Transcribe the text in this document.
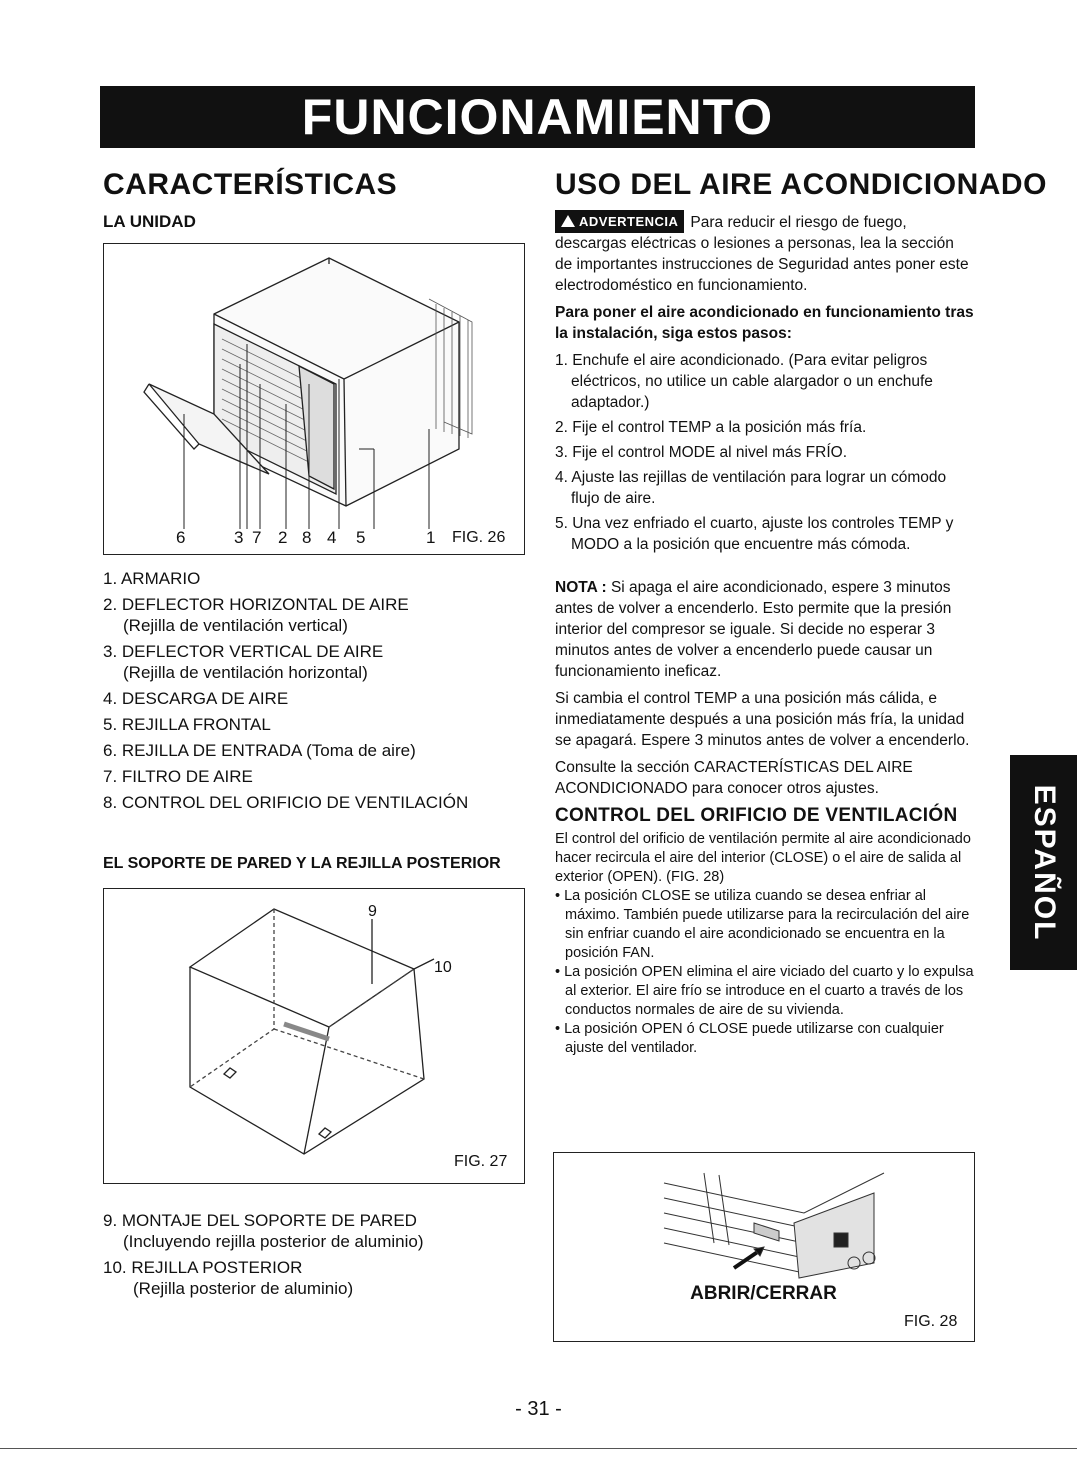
FUNCIONAMIENTO
CARACTERÍSTICAS
LA UNIDAD
6	3 7 2 8 4 5	1 FIG. 26
1. ARMARIO
2. DEFLECTOR HORIZONTAL DE AIRE
(Rejilla de ventilación vertical)
3. DEFLECTOR VERTICAL DE AIRE
(Rejilla de ventilación horizontal)
4. DESCARGA DE AIRE
5. REJILLA FRONTAL
6. REJILLA DE ENTRADA (Toma de aire)
7. FILTRO DE AIRE
8. CONTROL DEL ORIFICIO DE VENTILACIÓN
EL SOPORTE DE PARED Y LA REJILLA POSTERIOR
9
10
FIG. 27
9. MONTAJE DEL SOPORTE DE PARED
(Incluyendo rejilla posterior de aluminio)
10. REJILLA POSTERIOR
(Rejilla posterior de aluminio)
USO DEL AIRE ACONDICIONADO

ADVERTENCIA Para reducir el riesgo de fuego, descargas eléctricas o lesiones a personas, lea la sección de importantes instrucciones de Seguridad antes poner este electrodoméstico en funcionamiento.

Para poner el aire acondicionado en funcionamiento tras la instalación, siga estos pasos:

1. Enchufe el aire acondicionado. (Para evitar peligros eléctricos, no utilice un cable alargador o un enchufe adaptador.)
2. Fije el control TEMP a la posición más fría.
3. Fije el control MODE al nivel más FRÍO.
4. Ajuste las rejillas de ventilación para lograr un cómodo flujo de aire.
5. Una vez enfriado el cuarto, ajuste los controles TEMP y MODO a la posición que encuentre más cómoda.

NOTA : Si apaga el aire acondicionado, espere 3 minutos antes de volver a encenderlo. Esto permite que la presión interior del compresor se iguale. Si decide no esperar 3 minutos antes de volver a encenderlo puede causar un funcionamiento ineficaz.

Si cambia el control TEMP a una posición más cálida, e inmediatamente después a una posición más fría, la unidad se apagará. Espere 3 minutos antes de volver a encenderlo.

Consulte la sección CARACTERÍSTICAS DEL AIRE ACONDICIONADO para conocer otros ajustes.

CONTROL DEL ORIFICIO DE VENTILACIÓN

El control del orificio de ventilación permite al aire acondicionado hacer recircula el aire del interior (CLOSE) o el aire de salida al exterior (OPEN). (FIG. 28)

• La posición CLOSE se utiliza cuando se desea enfriar al máximo. También puede utilizarse para la recirculación del aire sin enfriar cuando el aire acondicionado se encuentra en la posición FAN.
• La posición OPEN elimina el aire viciado del cuarto y lo expulsa al exterior. El aire frío se introduce en el cuarto a través de los conductos normales de aire de su vivienda.
• La posición OPEN ó CLOSE puede utilizarse con cualquier ajuste del ventilador.
ABRIR/CERRAR
FIG. 28
ESPAÑOL
- 31 -
